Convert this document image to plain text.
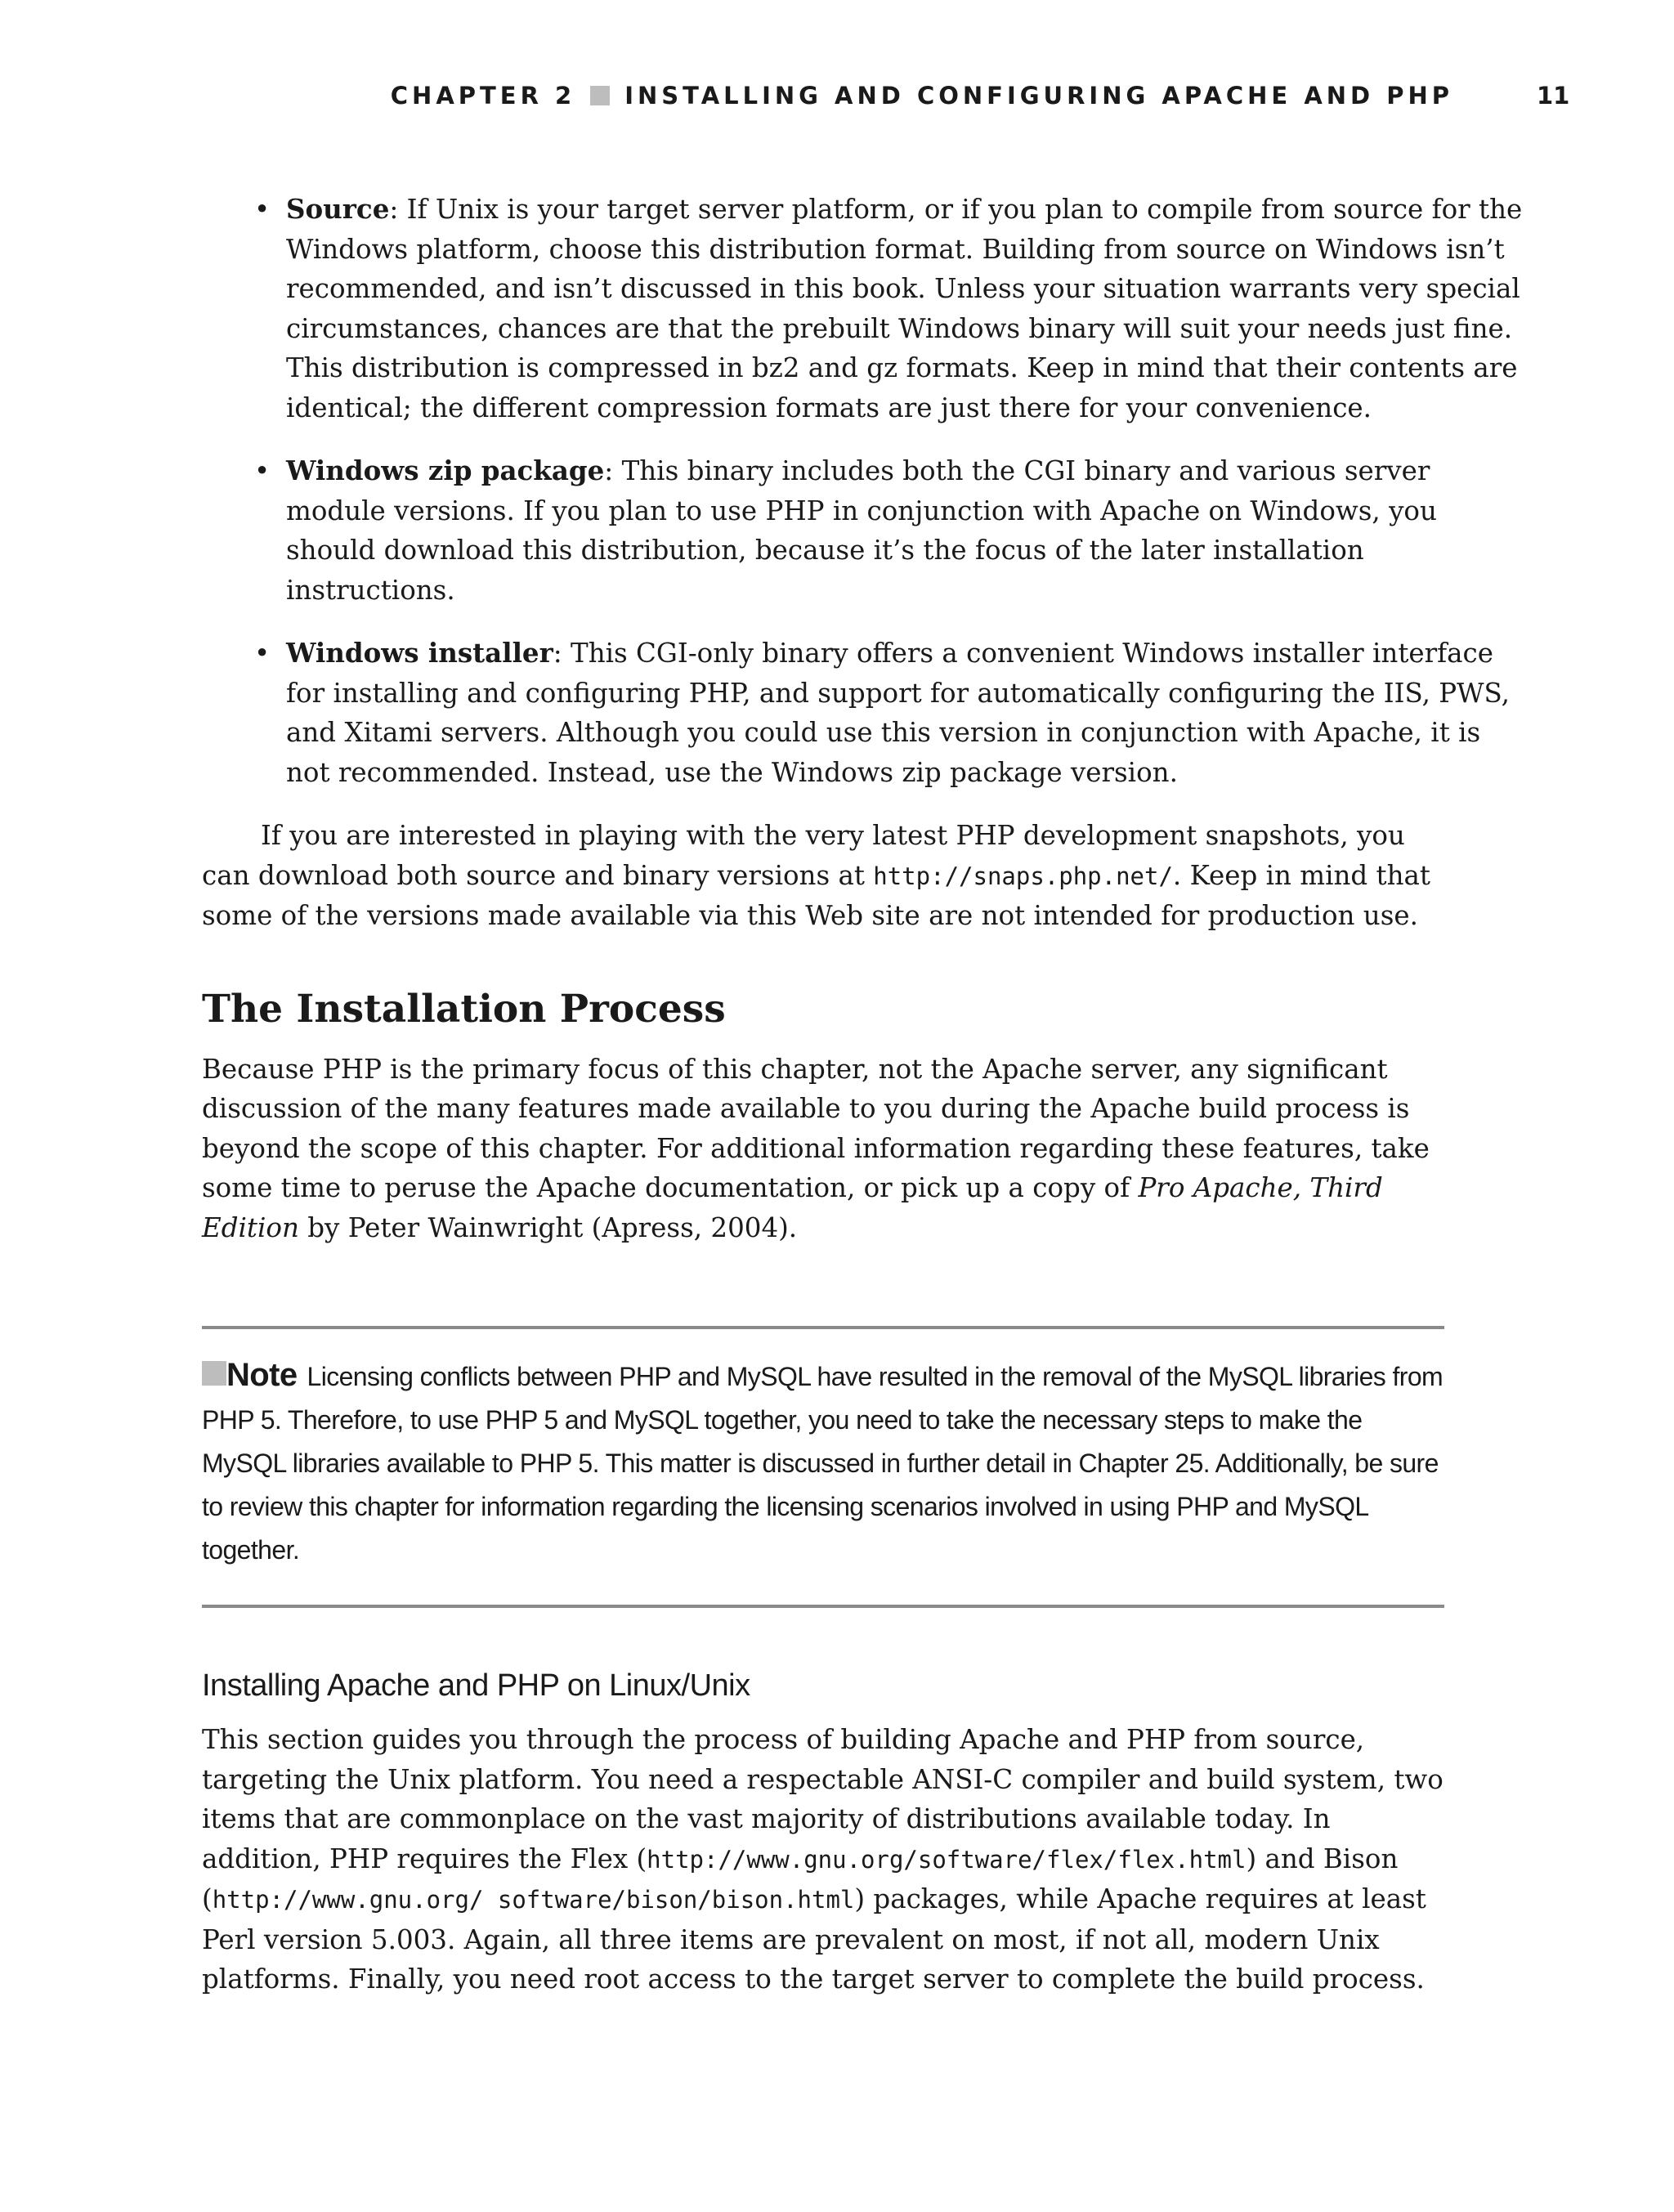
CHAPTER 2 INSTALLING AND CONFIGURING APACHE AND PHP	11
• Source: If Unix is your target server platform, or if you plan to compile from source for the Windows platform, choose this distribution format. Building from source on Windows isn’t recommended, and isn’t discussed in this book. Unless your situation warrants very special circumstances, chances are that the prebuilt Windows binary will suit your needs just fine. This distribution is compressed in bz2 and gz formats. Keep in mind that their contents are identical; the different compression formats are just there for your convenience.
• Windows zip package: This binary includes both the CGI binary and various server module versions. If you plan to use PHP in conjunction with Apache on Windows, you should download this distribution, because it’s the focus of the later installation instructions.
• Windows installer: This CGI-only binary offers a convenient Windows installer interface for installing and configuring PHP, and support for automatically configuring the IIS, PWS, and Xitami servers. Although you could use this version in conjunction with Apache, it is not recommended. Instead, use the Windows zip package version.

If you are interested in playing with the very latest PHP development snapshots, you can download both source and binary versions at http://snaps.php.net/. Keep in mind that some of the versions made available via this Web site are not intended for production use.

The Installation Process

Because PHP is the primary focus of this chapter, not the Apache server, any significant discussion of the many features made available to you during the Apache build process is beyond the scope of this chapter. For additional information regarding these features, take some time to peruse the Apache documentation, or pick up a copy of Pro Apache, Third Edition by Peter Wainwright (Apress, 2004).

Note Licensing conflicts between PHP and MySQL have resulted in the removal of the MySQL libraries from PHP 5. Therefore, to use PHP 5 and MySQL together, you need to take the necessary steps to make the MySQL libraries available to PHP 5. This matter is discussed in further detail in Chapter 25. Additionally, be sure to review this chapter for information regarding the licensing scenarios involved in using PHP and MySQL together.

Installing Apache and PHP on Linux/Unix

This section guides you through the process of building Apache and PHP from source, targeting the Unix platform. You need a respectable ANSI-C compiler and build system, two items that are commonplace on the vast majority of distributions available today. In addition, PHP requires the Flex (http://www.gnu.org/software/flex/flex.html) and Bison (http://www.gnu.org/ software/bison/bison.html) packages, while Apache requires at least Perl version 5.003. Again, all three items are prevalent on most, if not all, modern Unix platforms. Finally, you need root access to the target server to complete the build process.
